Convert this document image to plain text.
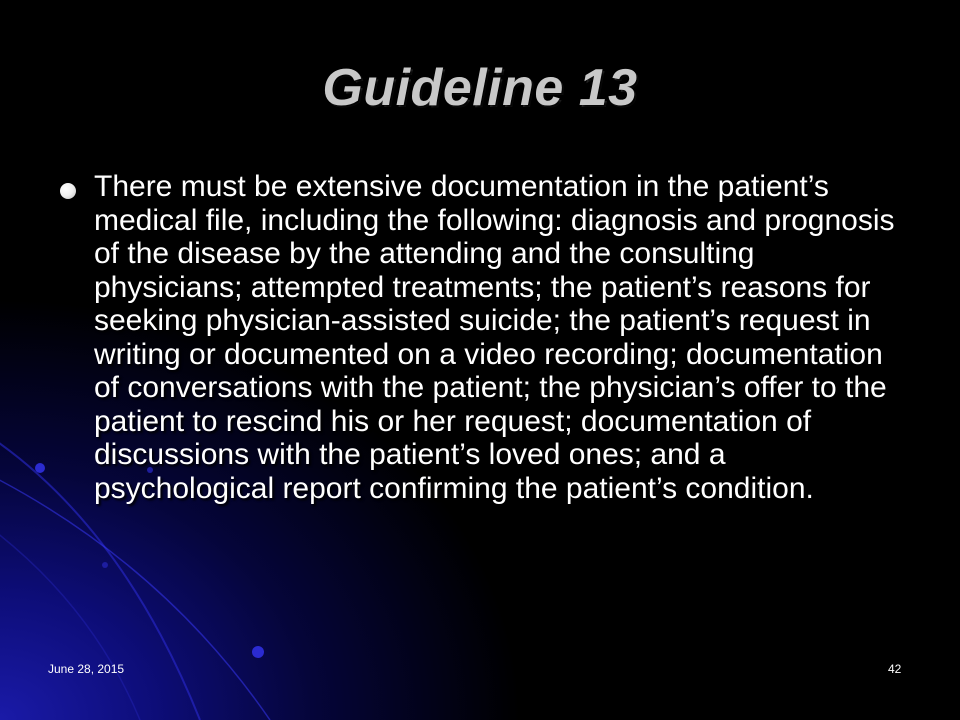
Guideline 13
There must be extensive documentation in the patient’s medical file, including the following: diagnosis and prognosis of the disease by the attending and the consulting physicians; attempted treatments; the patient’s reasons for seeking physician-assisted suicide; the patient’s request in writing or documented on a video recording; documentation of conversations with the patient; the physician’s offer to the patient to rescind his or her request; documentation of discussions with the patient’s loved ones; and a psychological report confirming the patient’s condition.
June 28, 2015	42
